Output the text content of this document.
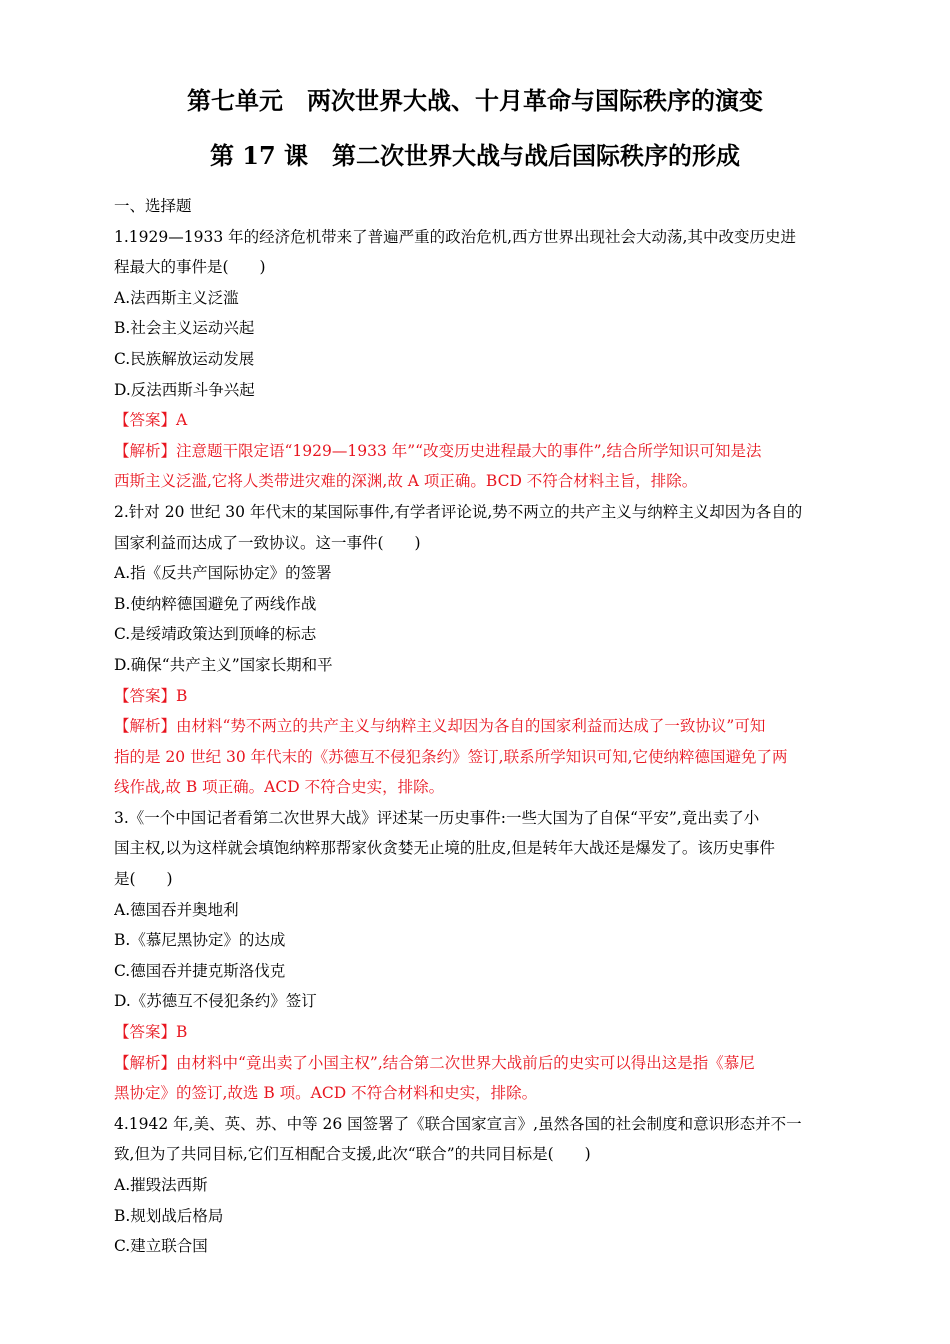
第七单元　两次世界大战、十月革命与国际秩序的演变
第 17 课　第二次世界大战与战后国际秩序的形成
一、选择题
1.1929—1933 年的经济危机带来了普遍严重的政治危机,西方世界出现社会大动荡,其中改变历史进
程最大的事件是(　　)
A.法西斯主义泛滥
B.社会主义运动兴起
C.民族解放运动发展
D.反法西斯斗争兴起
【答案】A
【解析】注意题干限定语“1929—1933 年”“改变历史进程最大的事件”,结合所学知识可知是法
西斯主义泛滥,它将人类带进灾难的深渊,故 A 项正确。BCD 不符合材料主旨，排除。
2.针对 20 世纪 30 年代末的某国际事件,有学者评论说,势不两立的共产主义与纳粹主义却因为各自的
国家利益而达成了一致协议。这一事件(　　)
A.指《反共产国际协定》的签署
B.使纳粹德国避免了两线作战
C.是绥靖政策达到顶峰的标志
D.确保“共产主义”国家长期和平
【答案】B
【解析】由材料“势不两立的共产主义与纳粹主义却因为各自的国家利益而达成了一致协议”可知
指的是 20 世纪 30 年代末的《苏德互不侵犯条约》签订,联系所学知识可知,它使纳粹德国避免了两
线作战,故 B 项正确。ACD 不符合史实，排除。
3.《一个中国记者看第二次世界大战》评述某一历史事件:一些大国为了自保“平安”,竟出卖了小
国主权,以为这样就会填饱纳粹那帮家伙贪婪无止境的肚皮,但是转年大战还是爆发了。该历史事件
是(　　)
A.德国吞并奥地利
B.《慕尼黑协定》的达成
C.德国吞并捷克斯洛伐克
D.《苏德互不侵犯条约》签订
【答案】B
【解析】由材料中“竟出卖了小国主权”,结合第二次世界大战前后的史实可以得出这是指《慕尼
黑协定》的签订,故选 B 项。ACD 不符合材料和史实，排除。
4.1942 年,美、英、苏、中等 26 国签署了《联合国家宣言》,虽然各国的社会制度和意识形态并不一
致,但为了共同目标,它们互相配合支援,此次“联合”的共同目标是(　　)
A.摧毁法西斯
B.规划战后格局
C.建立联合国
